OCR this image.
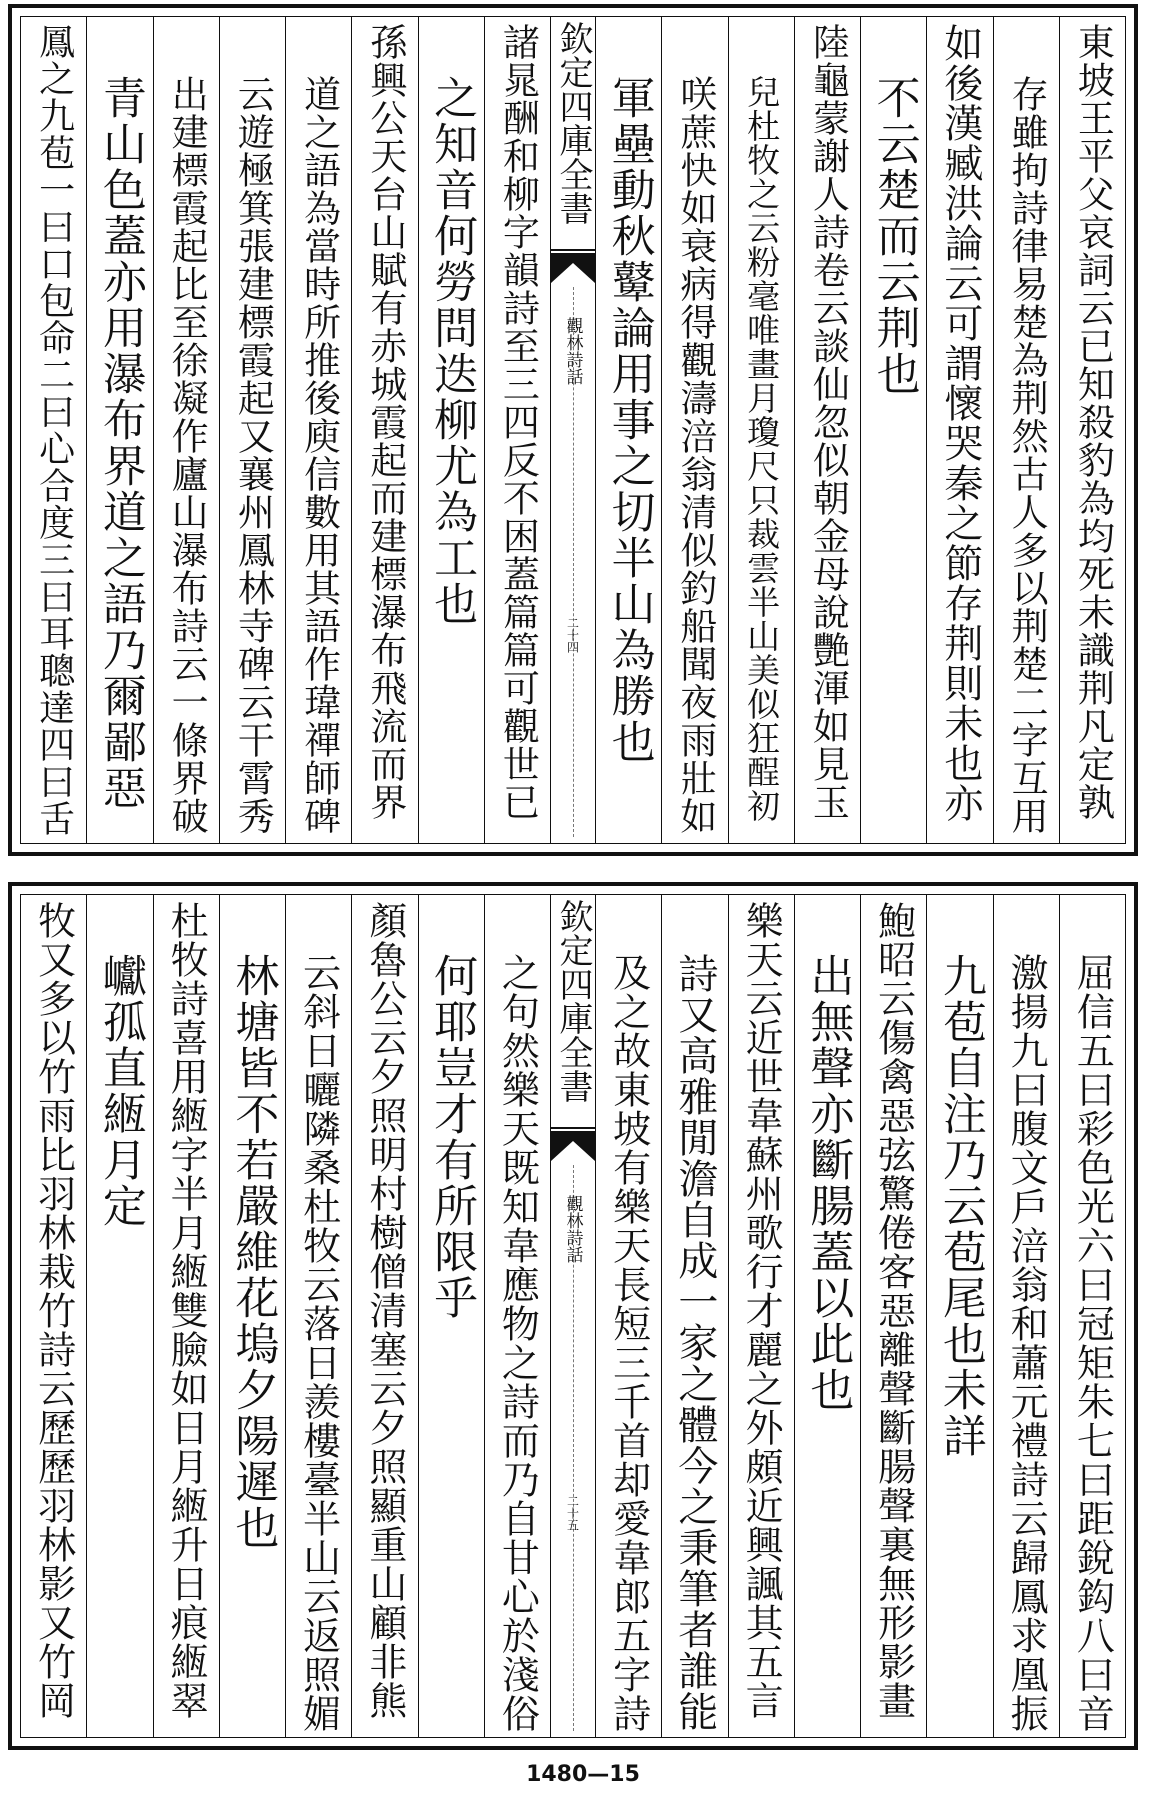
東坡王平父哀詞云已知殺豹為均死未識荆凡定孰
存雖拘詩律易楚為荆然古人多以荆楚二字互用
如後漢臧洪論云可謂懷哭秦之節存荆則未也亦
不云楚而云荆也
陸龜蒙謝人詩卷云談仙忽似朝金母說艷渾如見玉
兒杜牧之云粉毫唯畫月瓊尺只裁雲半山美似狂酲初
咲蔗快如衰病得觀濤涪翁清似釣船聞夜雨壯如
軍壘動秋鼙論用事之切半山為勝也
欽定四庫全書
觀林詩話
二十四
諸晁酬和柳字韻詩至三四反不困蓋篇篇可觀世已
之知音何勞問迭柳尤為工也
孫興公天台山賦有赤城霞起而建標瀑布飛流而界
道之語為當時所推後庾信數用其語作瑋禪師碑
云遊極箕張建標霞起又襄州鳳林寺碑云干霄秀
出建標霞起比至徐凝作廬山瀑布詩云一條界破
青山色蓋亦用瀑布界道之語乃爾鄙惡
鳳之九苞一曰口包命二曰心合度三曰耳聰達四曰舌
屈信五曰彩色光六曰冠矩朱七曰距銳鈎八曰音
激揚九曰腹文戶涪翁和蕭元禮詩云歸鳳求凰振
九苞自注乃云苞尾也未詳
鮑昭云傷禽惡弦驚倦客惡離聲斷腸聲裏無形影畫
出無聲亦斷腸蓋以此也
樂天云近世韋蘇州歌行才麗之外頗近興諷其五言
詩又高雅閒澹自成一家之體今之秉筆者誰能
及之故東坡有樂天長短三千首却愛韋郎五字詩
欽定四庫全書
觀林詩話
二十五
之句然樂天既知韋應物之詩而乃自甘心於淺俗
何耶豈才有所限乎
顏魯公云夕照明村樹僧清塞云夕照顯重山顧非熊
云斜日曬隣桑杜牧云落日羨樓臺半山云返照媚
林塘皆不若嚴維花塢夕陽遲也
杜牧詩喜用緪字半月緪雙臉如日月緪升日痕緪翠
巘孤直緪月定
牧又多以竹雨比羽林栽竹詩云歷歷羽林影又竹岡
1480—15
